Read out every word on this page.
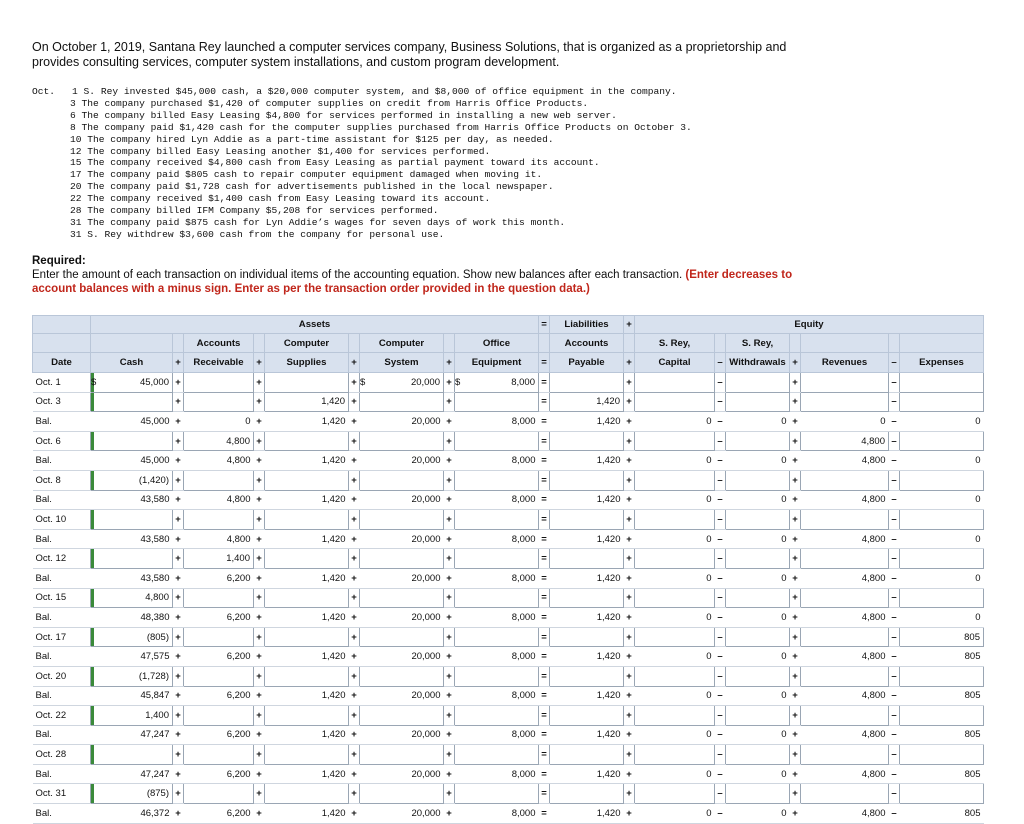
On October 1, 2019, Santana Rey launched a computer services company, Business Solutions, that is organized as a proprietorship and provides consulting services, computer system installations, and custom program development.
Oct. 1 S. Rey invested $45,000 cash, a $20,000 computer system, and $8,000 of office equipment in the company.

3 The company purchased $1,420 of computer supplies on credit from Harris Office Products.
6 The company billed Easy Leasing $4,800 for services performed in installing a new web server.
8 The company paid $1,420 cash for the computer supplies purchased from Harris Office Products on October 3.
10 The company hired Lyn Addie as a part-time assistant for $125 per day, as needed.
12 The company billed Easy Leasing another $1,400 for services performed.
15 The company received $4,800 cash from Easy Leasing as partial payment toward its account.
17 The company paid $805 cash to repair computer equipment damaged when moving it.
20 The company paid $1,728 cash for advertisements published in the local newspaper.
22 The company received $1,400 cash from Easy Leasing toward its account.
28 The company billed IFM Company $5,208 for services performed.
31 The company paid $875 cash for Lyn Addie’s wages for seven days of work this month.
31 S. Rey withdrew $3,600 cash from the company for personal use.
Required:
Enter the amount of each transaction on individual items of the accounting equation. Show new balances after each transaction. (Enter decreases to account balances with a minus sign. Enter as per the transaction order provided in the question data.)
	Assets									=	Liabilities	+	Equity						
			Accounts		Computer		Computer		Office		Accounts		S. Rey,		S. Rey,				
Date	Cash	+	Receivable	+	Supplies	+	System	+	Equipment	=	Payable	+	Capital	–	Withdrawals	+	Revenues	–	Expenses
Oct. 1	$ 45,000	+		+		+	$ 20,000	+	$ 8,000	=		+		–		+		–	
Oct. 3		+		+	1,420	+		+		=	1,420	+		–		+		–	
Bal.	45,000	+	0	+	1,420	+	20,000	+	8,000	=	1,420	+	0	–	0	+	0	–	0
Oct. 6		+	4,800	+		+		+		=		+		–		+	4,800	–	
Bal.	45,000	+	4,800	+	1,420	+	20,000	+	8,000	=	1,420	+	0	–	0	+	4,800	–	0
Oct. 8	(1,420)	+		+		+		+		=		+		–		+		–	
Bal.	43,580	+	4,800	+	1,420	+	20,000	+	8,000	=	1,420	+	0	–	0	+	4,800	–	0
Oct. 10		+		+		+		+		=		+		–		+		–	
Bal.	43,580	+	4,800	+	1,420	+	20,000	+	8,000	=	1,420	+	0	–	0	+	4,800	–	0
Oct. 12		+	1,400	+		+		+		=		+		–		+		–	
Bal.	43,580	+	6,200	+	1,420	+	20,000	+	8,000	=	1,420	+	0	–	0	+	4,800	–	0
Oct. 15	4,800	+		+		+		+		=		+		–		+		–	
Bal.	48,380	+	6,200	+	1,420	+	20,000	+	8,000	=	1,420	+	0	–	0	+	4,800	–	0
Oct. 17	(805)	+		+		+		+		=		+		–		+		–	805
Bal.	47,575	+	6,200	+	1,420	+	20,000	+	8,000	=	1,420	+	0	–	0	+	4,800	–	805
Oct. 20	(1,728)	+		+		+		+		=		+		–		+		–	
Bal.	45,847	+	6,200	+	1,420	+	20,000	+	8,000	=	1,420	+	0	–	0	+	4,800	–	805
Oct. 22	1,400	+		+		+		+		=		+		–		+		–	
Bal.	47,247	+	6,200	+	1,420	+	20,000	+	8,000	=	1,420	+	0	–	0	+	4,800	–	805
Oct. 28		+		+		+		+		=		+		–		+		–	
Bal.	47,247	+	6,200	+	1,420	+	20,000	+	8,000	=	1,420	+	0	–	0	+	4,800	–	805
Oct. 31	(875)	+		+		+		+		=		+		–		+		–	
Bal.	46,372	+	6,200	+	1,420	+	20,000	+	8,000	=	1,420	+	0	–	0	+	4,800	–	805
